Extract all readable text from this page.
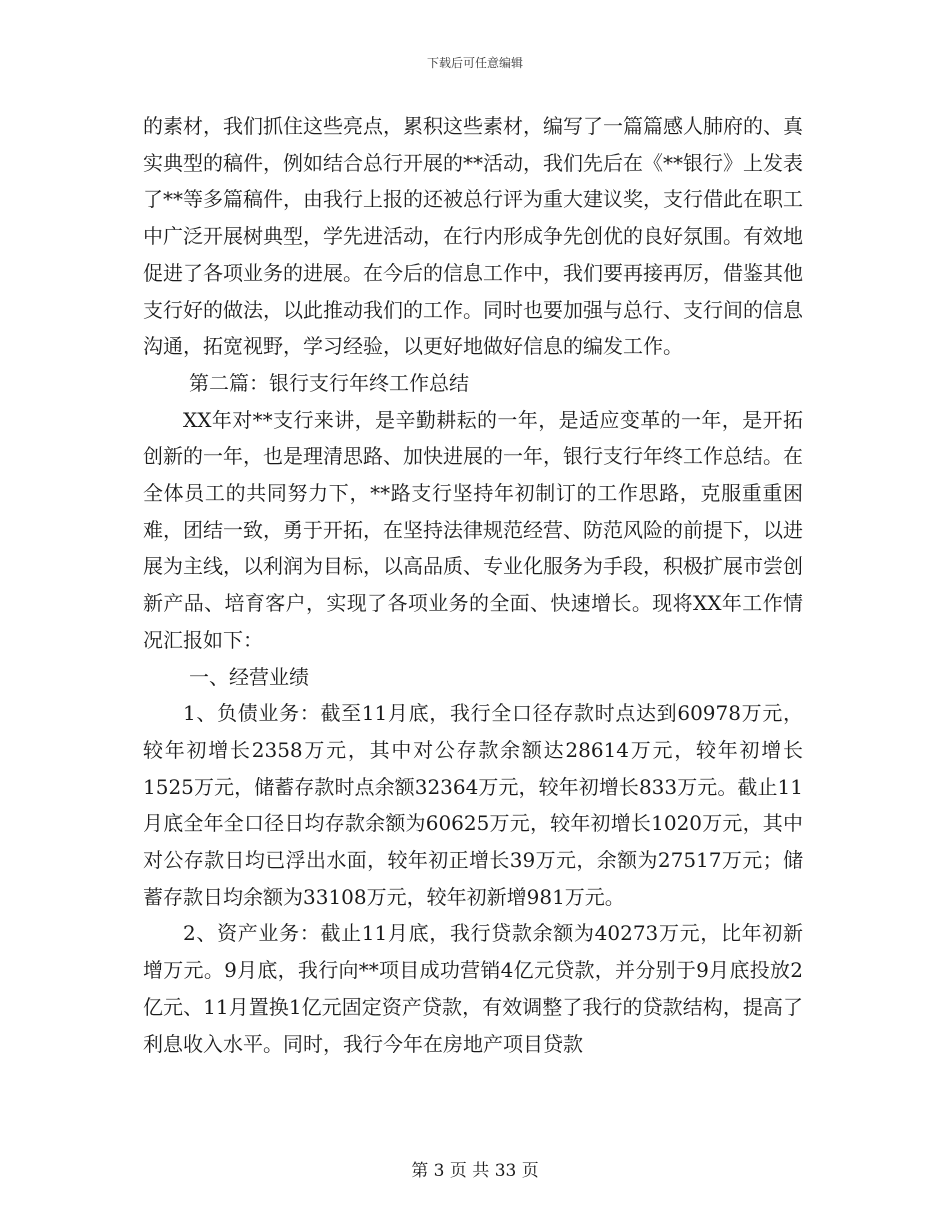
下载后可任意编辑

的素材，我们抓住这些亮点，累积这些素材，编写了一篇篇感人肺府的、真实典型的稿件，例如结合总行开展的**活动，我们先后在《**银行》上发表了**等多篇稿件，由我行上报的还被总行评为重大建议奖，支行借此在职工中广泛开展树典型，学先进活动，在行内形成争先创优的良好氛围。有效地促进了各项业务的进展。在今后的信息工作中，我们要再接再厉，借鉴其他支行好的做法，以此推动我们的工作。同时也要加强与总行、支行间的信息沟通，拓宽视野，学习经验，以更好地做好信息的编发工作。

第二篇：银行支行年终工作总结

XX年对**支行来讲，是辛勤耕耘的一年，是适应变革的一年，是开拓创新的一年，也是理清思路、加快进展的一年，银行支行年终工作总结。在全体员工的共同努力下，**路支行坚持年初制订的工作思路，克服重重困难，团结一致，勇于开拓，在坚持法律规范经营、防范风险的前提下，以进展为主线，以利润为目标，以高品质、专业化服务为手段，积极扩展市尝创新产品、培育客户，实现了各项业务的全面、快速增长。现将XX年工作情况汇报如下：

一、经营业绩

1、负债业务：截至11月底，我行全口径存款时点达到60978万元，较年初增长2358万元，其中对公存款余额达28614万元，较年初增长1525万元，储蓄存款时点余额32364万元，较年初增长833万元。截止11月底全年全口径日均存款余额为60625万元，较年初增长1020万元，其中对公存款日均已浮出水面，较年初正增长39万元，余额为27517万元；储蓄存款日均余额为33108万元，较年初新增981万元。

2、资产业务：截止11月底，我行贷款余额为40273万元，比年初新增万元。9月底，我行向**项目成功营销4亿元贷款，并分别于9月底投放2亿元、11月置换1亿元固定资产贷款，有效调整了我行的贷款结构，提高了利息收入水平。同时，我行今年在房地产项目贷款

第 3 页 共 33 页
